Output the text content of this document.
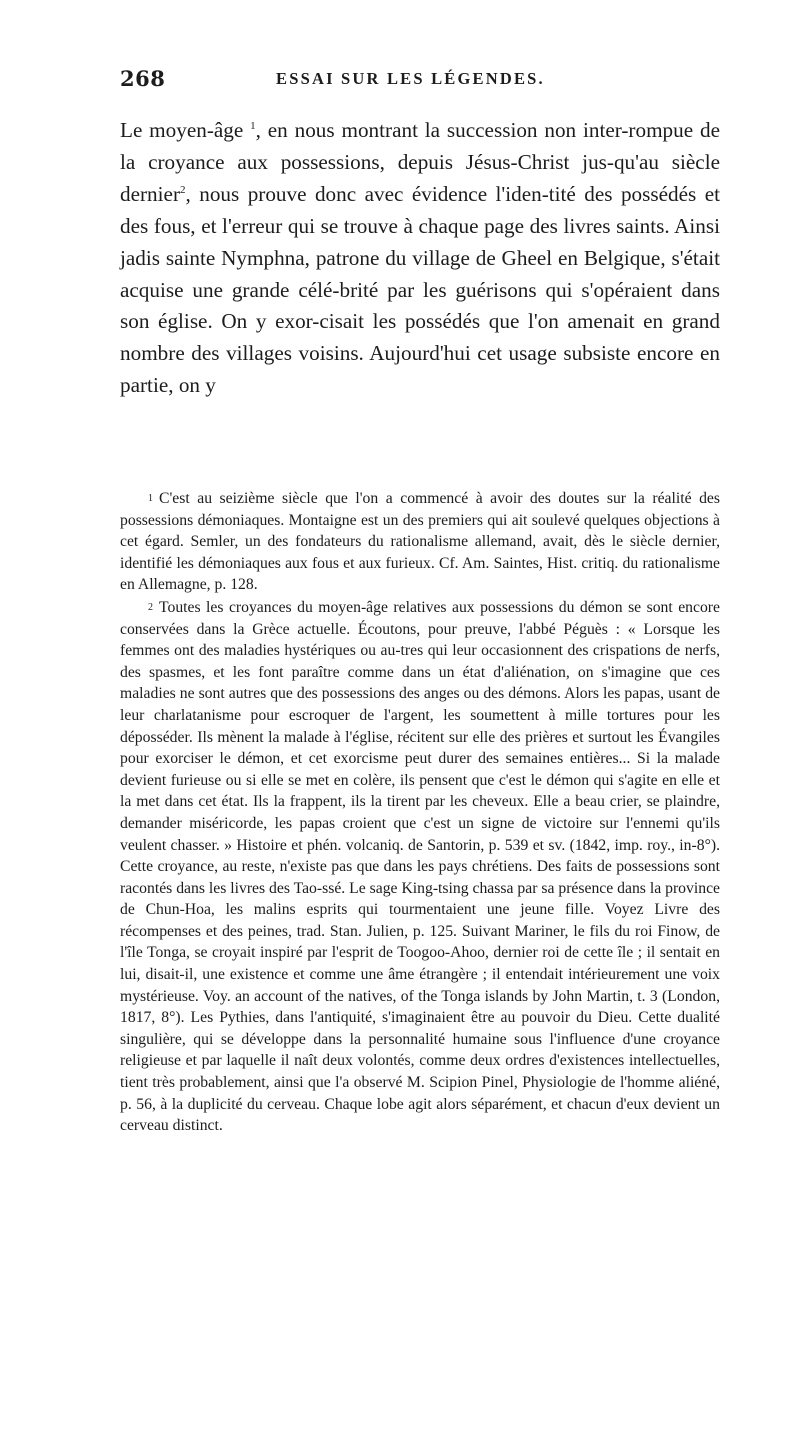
268	ESSAI SUR LES LÉGENDES.

Le moyen-âge $^1$, en nous montrant la succession non inter-rompue de la croyance aux possessions, depuis Jésus-Christ jus-qu'au siècle dernier$^2$, nous prouve donc avec évidence l'iden-tité des possédés et des fous, et l'erreur qui se trouve à chaque page des livres saints. Ainsi jadis sainte Nymphna, patrone du village de Gheel en Belgique, s'était acquise une grande célé-brité par les guérisons qui s'opéraient dans son église. On y exor-cisait les possédés que l'on amenait en grand nombre des villages voisins. Aujourd'hui cet usage subsiste encore en partie, on y

1 C'est au seizième siècle que l'on a commencé à avoir des doutes sur la réalité des possessions démoniaques. Montaigne est un des premiers qui ait soulevé quelques objections à cet égard. Semler, un des fondateurs du rationalisme allemand, avait, dès le siècle dernier, identifié les démoniaques aux fous et aux furieux. Cf. Am. Saintes, Hist. critiq. du rationalisme en Allemagne, p. 128.

2 Toutes les croyances du moyen-âge relatives aux possessions du démon se sont encore conservées dans la Grèce actuelle. Écoutons, pour preuve, l'abbé Péguès : « Lorsque les femmes ont des maladies hystériques ou au-tres qui leur occasionnent des crispations de nerfs, des spasmes, et les font paraître comme dans un état d'aliénation, on s'imagine que ces maladies ne sont autres que des possessions des anges ou des démons. Alors les papas, usant de leur charlatanisme pour escroquer de l'argent, les soumettent à mille tortures pour les déposséder. Ils mènent la malade à l'église, récitent sur elle des prières et surtout les Évangiles pour exorciser le démon, et cet exorcisme peut durer des semaines entières... Si la malade devient furieuse ou si elle se met en colère, ils pensent que c'est le démon qui s'agite en elle et la met dans cet état. Ils la frappent, ils la tirent par les cheveux. Elle a beau crier, se plaindre, demander miséricorde, les papas croient que c'est un signe de victoire sur l'ennemi qu'ils veulent chasser. » Histoire et phén. volcaniq. de Santorin, p. 539 et sv. (1842, imp. roy., in-8°). Cette croyance, au reste, n'existe pas que dans les pays chrétiens. Des faits de possessions sont racontés dans les livres des Tao-ssé. Le sage King-tsing chassa par sa présence dans la province de Chun-Hoa, les malins esprits qui tourmentaient une jeune fille. Voyez Livre des récompenses et des peines, trad. Stan. Julien, p. 125. Suivant Mariner, le fils du roi Finow, de l'île Tonga, se croyait inspiré par l'esprit de Toogoo-Ahoo, dernier roi de cette île ; il sentait en lui, disait-il, une existence et comme une âme étrangère ; il entendait intérieurement une voix mystérieuse. Voy. an account of the natives, of the Tonga islands by John Martin, t. 3 (London, 1817, 8°). Les Pythies, dans l'antiquité, s'imaginaient être au pouvoir du Dieu. Cette dualité singulière, qui se développe dans la personnalité humaine sous l'influence d'une croyance religieuse et par laquelle il naît deux volontés, comme deux ordres d'existences intellectuelles, tient très probablement, ainsi que l'a observé M. Scipion Pinel, Physiologie de l'homme aliéné, p. 56, à la duplicité du cerveau. Chaque lobe agit alors séparément, et chacun d'eux devient un cerveau distinct.
